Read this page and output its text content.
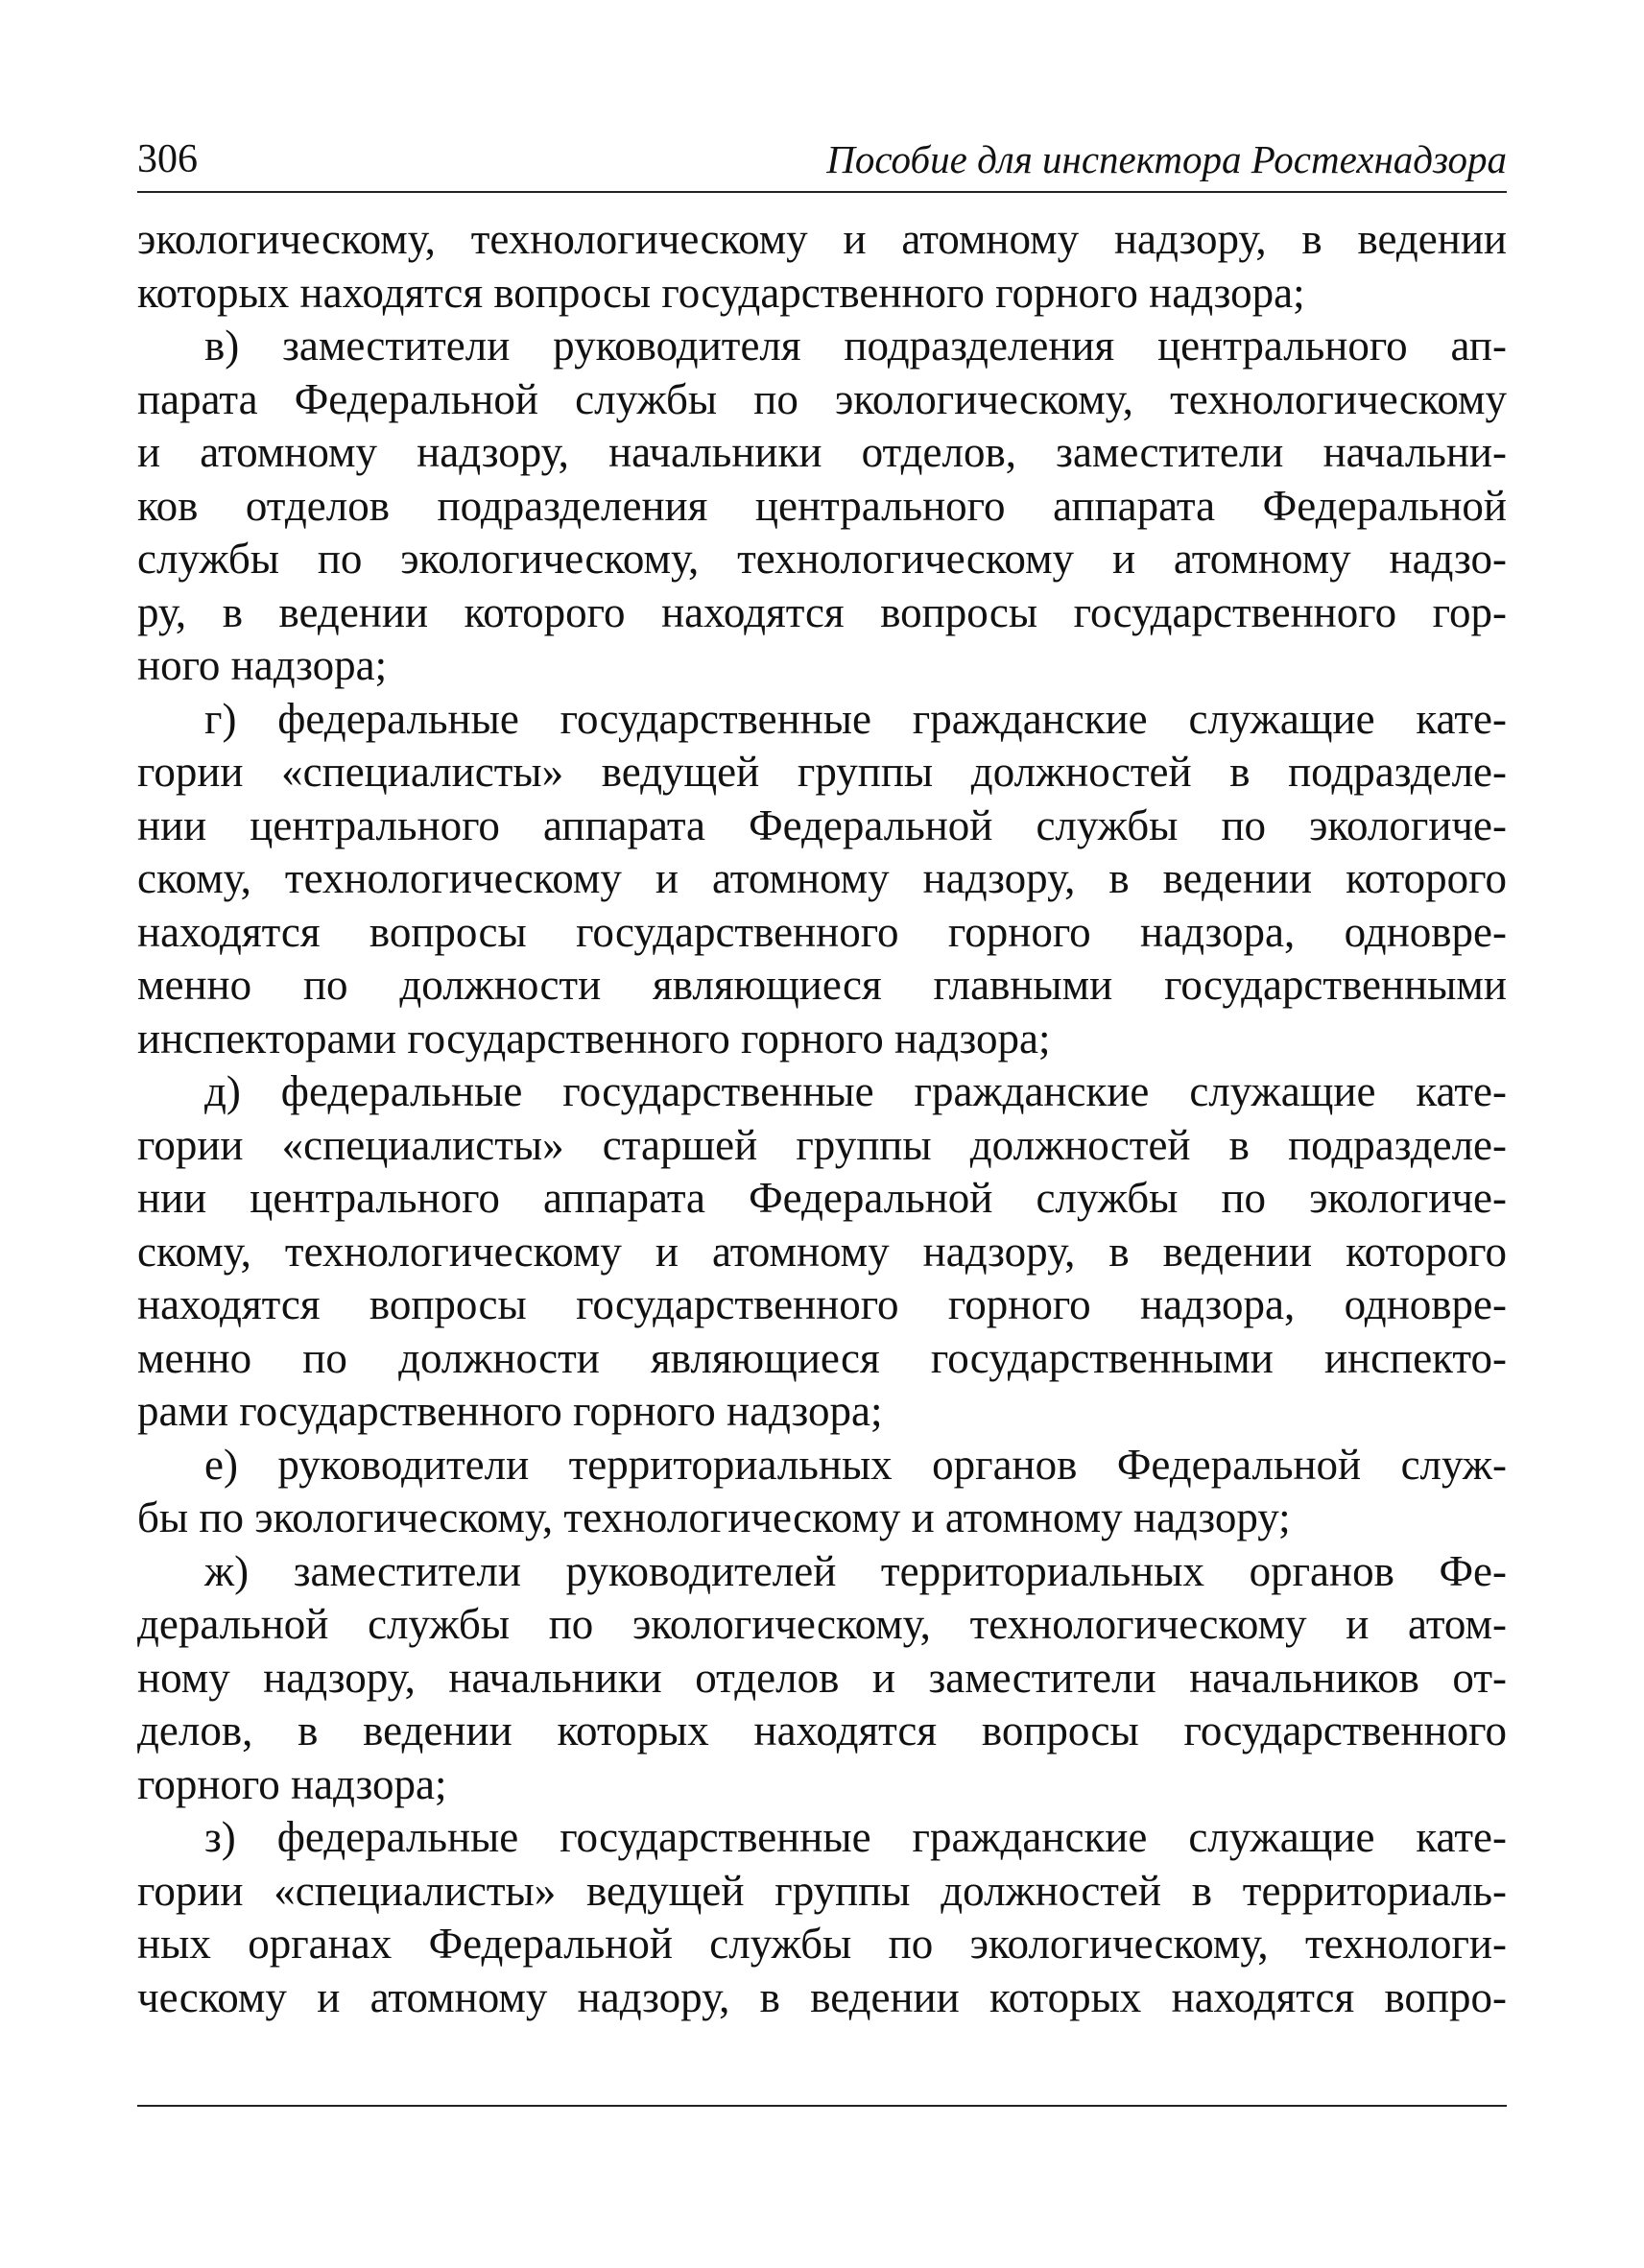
306	Пособие для инспектора Ростехнадзора

экологическому, технологическому и атомному надзору, в ведении
которых находятся вопросы государственного горного надзора;

в) заместители руководителя подразделения центрального ап-
парата Федеральной службы по экологическому, технологическому
и атомному надзору, начальники отделов, заместители начальни-
ков отделов подразделения центрального аппарата Федеральной
службы по экологическому, технологическому и атомному надзо-
ру, в ведении которого находятся вопросы государственного гор-
ного надзора;

г) федеральные государственные гражданские служащие кате-
гории «специалисты» ведущей группы должностей в подразделе-
нии центрального аппарата Федеральной службы по экологиче-
скому, технологическому и атомному надзору, в ведении которого
находятся вопросы государственного горного надзора, одновре-
менно по должности являющиеся главными государственными
инспекторами государственного горного надзора;

д) федеральные государственные гражданские служащие кате-
гории «специалисты» старшей группы должностей в подразделе-
нии центрального аппарата Федеральной службы по экологиче-
скому, технологическому и атомному надзору, в ведении которого
находятся вопросы государственного горного надзора, одновре-
менно по должности являющиеся государственными инспекто-
рами государственного горного надзора;

е) руководители территориальных органов Федеральной служ-
бы по экологическому, технологическому и атомному надзору;

ж) заместители руководителей территориальных органов Фе-
деральной службы по экологическому, технологическому и атом-
ному надзору, начальники отделов и заместители начальников от-
делов, в ведении которых находятся вопросы государственного
горного надзора;

з) федеральные государственные гражданские служащие кате-
гории «специалисты» ведущей группы должностей в территориаль-
ных органах Федеральной службы по экологическому, технологи-
ческому и атомному надзору, в ведении которых находятся вопро-
